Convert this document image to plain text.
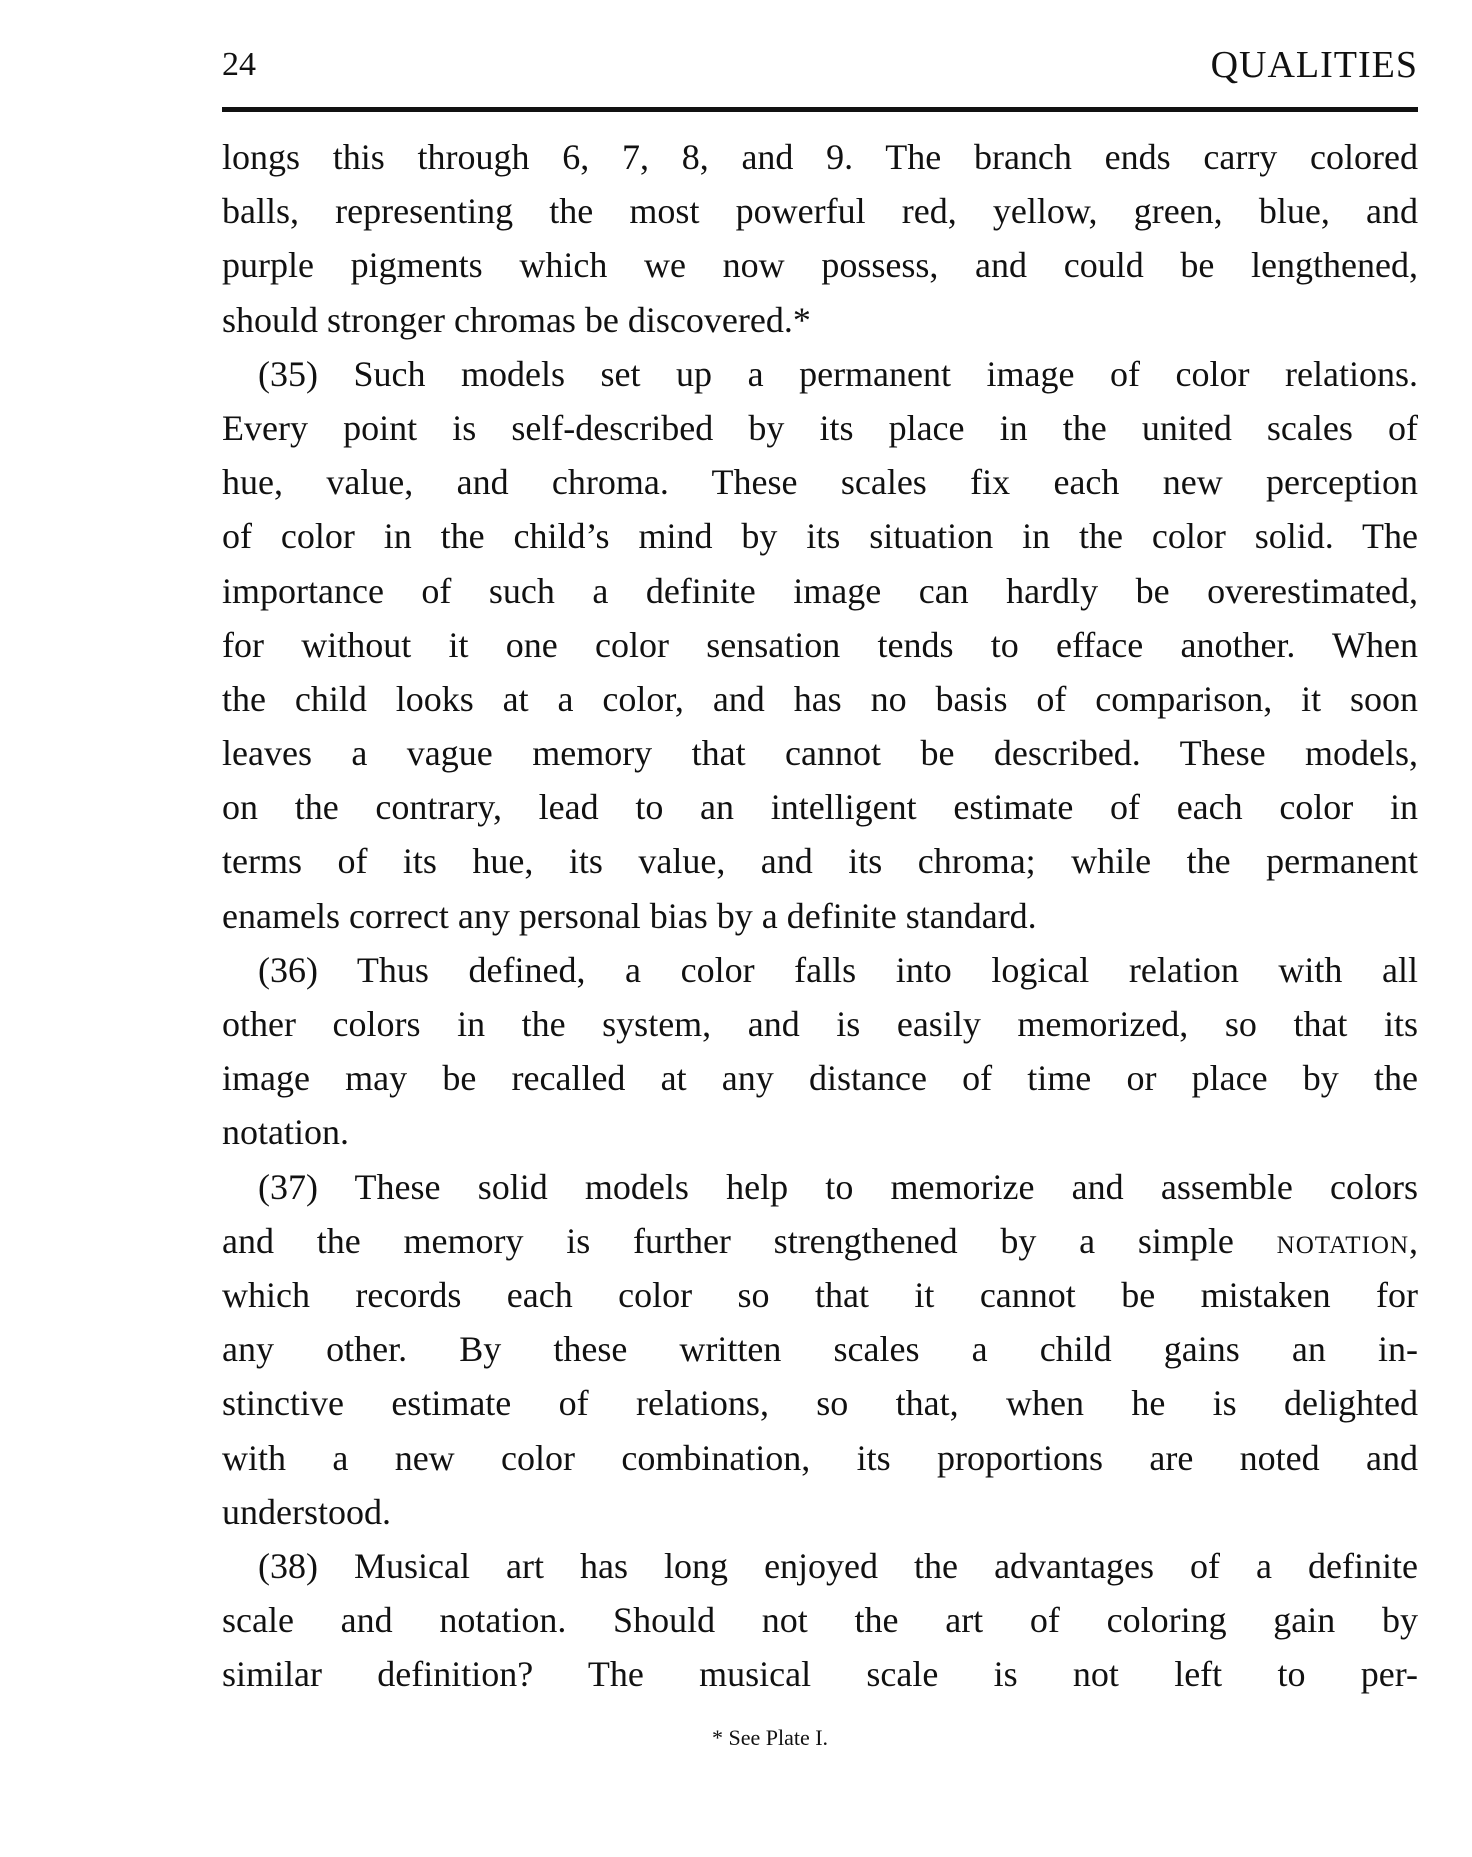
24	QUALITIES
longs this through 6, 7, 8, and 9. The branch ends carry colored
balls, representing the most powerful red, yellow, green, blue, and
purple pigments which we now possess, and could be lengthened,
should stronger chromas be discovered.*
(35) Such models set up a permanent image of color relations.
Every point is self-described by its place in the united scales of
hue, value, and chroma. These scales fix each new perception
of color in the child’s mind by its situation in the color solid. The
importance of such a definite image can hardly be overestimated,
for without it one color sensation tends to efface another. When
the child looks at a color, and has no basis of comparison, it soon
leaves a vague memory that cannot be described. These models,
on the contrary, lead to an intelligent estimate of each color in
terms of its hue, its value, and its chroma; while the permanent
enamels correct any personal bias by a definite standard.
(36) Thus defined, a color falls into logical relation with all
other colors in the system, and is easily memorized, so that its
image may be recalled at any distance of time or place by the
notation.
(37) These solid models help to memorize and assemble colors
and the memory is further strengthened by a simple notation,
which records each color so that it cannot be mistaken for
any other. By these written scales a child gains an in-
stinctive estimate of relations, so that, when he is delighted
with a new color combination, its proportions are noted and
understood.
(38) Musical art has long enjoyed the advantages of a definite
scale and notation. Should not the art of coloring gain by
similar definition? The musical scale is not left to per-
* See Plate I.
